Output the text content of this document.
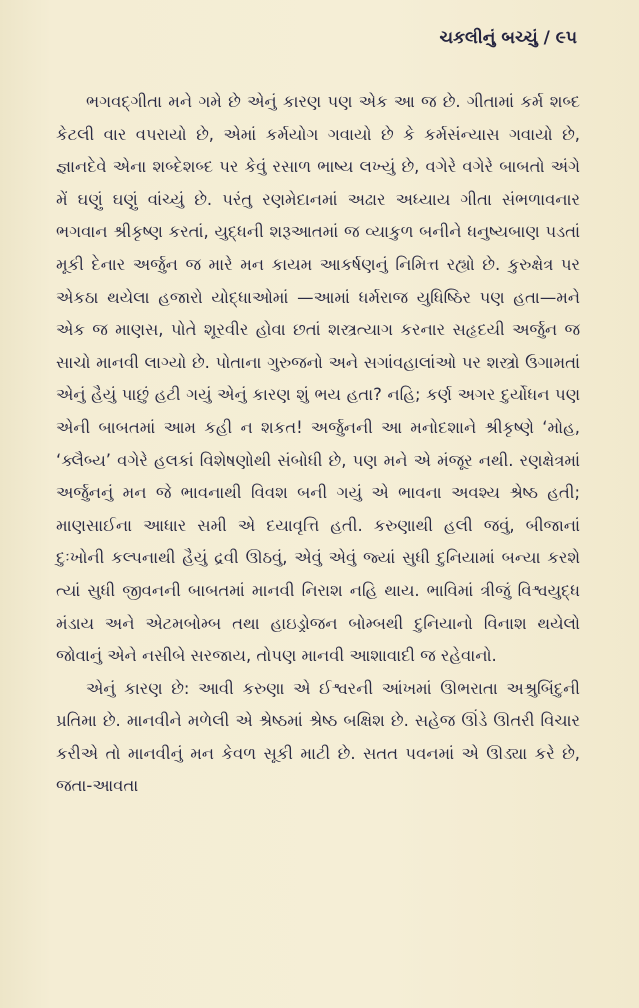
ચકલીનું બચ્ચું / ૯૫

ભગવદ્‌ગીતા મને ગમે છે એનું કારણ પણ એક આ જ છે. ગીતામાં કર્મ શબ્દ કેટલી વાર વપરાયો છે, એમાં કર્મયોગ ગવાયો છે કે કર્મસંન્યાસ ગવાયો છે, જ્ઞાનદેવે એના શબ્દેશબ્દ પર કેવું રસાળ ભાષ્ય લખ્યું છે, વગેરે વગેરે બાબતો અંગે મેં ઘણું ઘણું વાંચ્યું છે. પરંતુ રણમેદાનમાં અઢાર અધ્યાય ગીતા સંભળાવનાર ભગવાન શ્રીકૃષ્ણ કરતાં, યુદ્ધની શરૂઆતમાં જ વ્યાકુળ બનીને ધનુષ્યબાણ પડતાં મૂકી દેનાર અર્જુન જ મારે મન કાયમ આકર્ષણનું નિમિત્ત રહ્યો છે. કુરુક્ષેત્ર પર એકઠા થયેલા હજારો યોદ્ધાઓમાં —આમાં ધર્મરાજ યુધિષ્ઠિર પણ હતા—મને એક જ માણસ, પોતે શૂરવીર હોવા છતાં શસ્ત્રત્યાગ કરનાર સહૃદયી અર્જુન જ સાચો માનવી લાગ્યો છે. પોતાના ગુરુજનો અને સગાંવહાલાંઓ પર શસ્ત્રો ઉગામતાં એનું હૈયું પાછું હટી ગયું એનું કારણ શું ભય હતા? નહિ; કર્ણ અગર દુર્યોધન પણ એની બાબતમાં આમ કહી ન શકત! અર્જુનની આ મનોદશાને શ્રીકૃષ્ણે ‘મોહ, ‘ક્લૈબ્ય’ વગેરે હલકાં વિશેષણોથી સંબોધી છે, પણ મને એ મંજૂર નથી. રણક્ષેત્રમાં અર્જુનનું મન જે ભાવનાથી વિવશ બની ગયું એ ભાવના અવશ્ય શ્રેષ્ઠ હતી; માણસાઈના આધાર સમી એ દયાવૃત્તિ હતી. કરુણાથી હલી જવું, બીજાનાં દુઃખોની કલ્પનાથી હૈયું દ્રવી ઊઠવું, એવું એવું જ્યાં સુધી દુનિયામાં બન્યા કરશે ત્યાં સુધી જીવનની બાબતમાં માનવી નિરાશ નહિ થાય. ભાવિમાં ત્રીજું વિશ્વયુદ્ધ મંડાય અને એટમબોમ્બ તથા હાઇડ્રોજન બોમ્બથી દુનિયાનો વિનાશ થયેલો જોવાનું એને નસીબે સરજાય, તોપણ માનવી આશાવાદી જ રહેવાનો.

એનું કારણ છે: આવી કરુણા એ ઈશ્વરની આંખમાં ઊભરાતા અશ્રુબિંદુની પ્રતિમા છે. માનવીને મળેલી એ શ્રેષ્ઠમાં શ્રેષ્ઠ બક્ષિશ છે. સહેજ ઊંડે ઊતરી વિચાર કરીએ તો માનવીનું મન કેવળ સૂકી માટી છે. સતત પવનમાં એ ઊડ્યા કરે છે, જતા-આવતા
